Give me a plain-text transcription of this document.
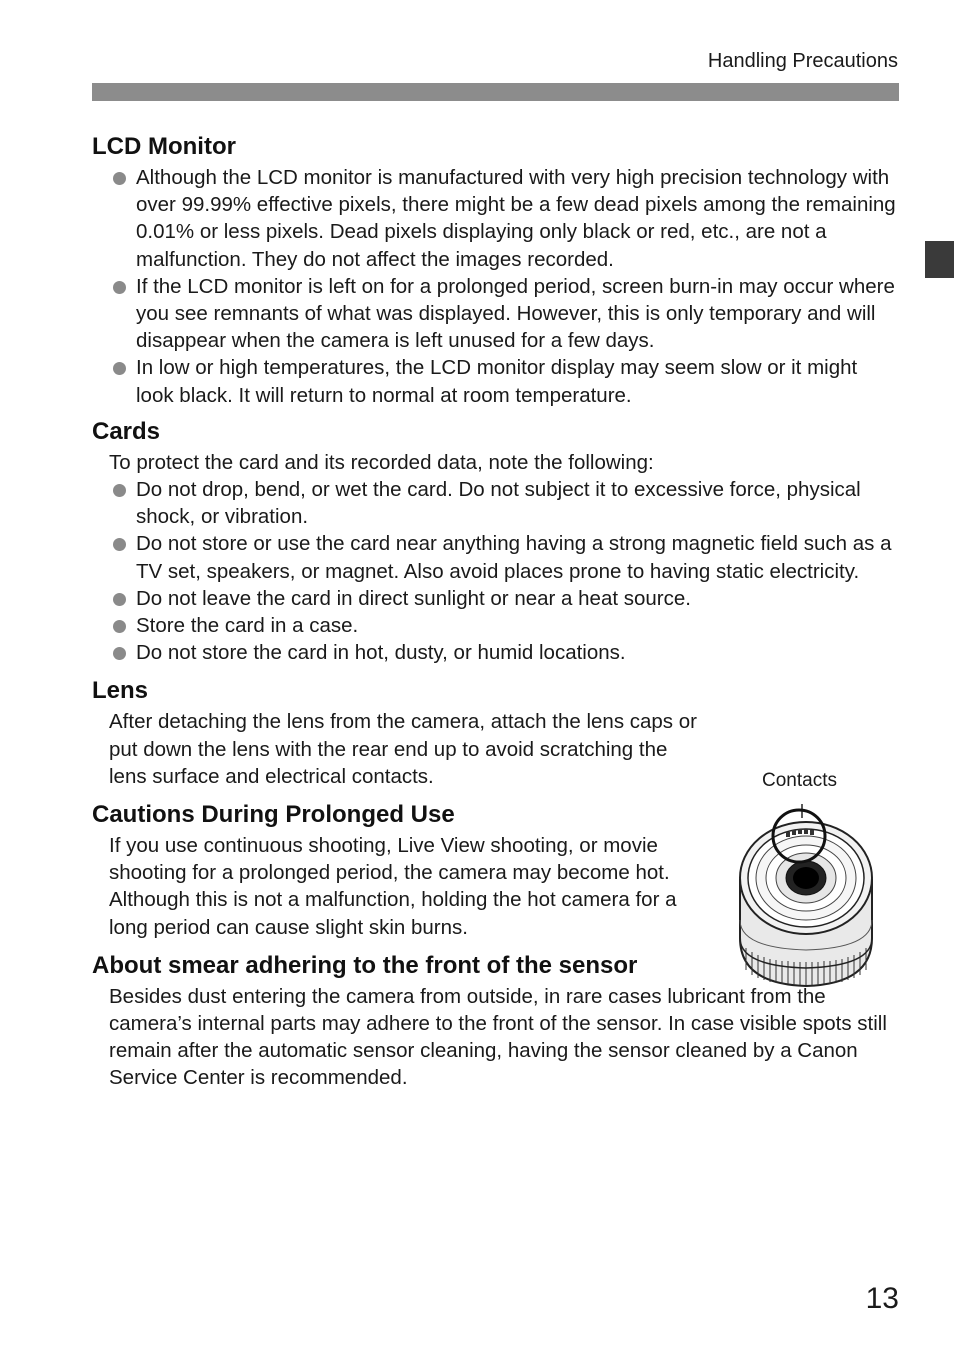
Handling Precautions
LCD Monitor
Although the LCD monitor is manufactured with very high precision technology with over 99.99% effective pixels, there might be a few dead pixels among the remaining 0.01% or less pixels. Dead pixels displaying only black or red, etc., are not a malfunction. They do not affect the images recorded.
If the LCD monitor is left on for a prolonged period, screen burn-in may occur where you see remnants of what was displayed. However, this is only temporary and will disappear when the camera is left unused for a few days.
In low or high temperatures, the LCD monitor display may seem slow or it might look black. It will return to normal at room temperature.
Cards

To protect the card and its recorded data, note the following:

Do not drop, bend, or wet the card. Do not subject it to excessive force, physical shock, or vibration.
Do not store or use the card near anything having a strong magnetic field such as a TV set, speakers, or magnet. Also avoid places prone to having static electricity.
Do not leave the card in direct sunlight or near a heat source.
Store the card in a case.
Do not store the card in hot, dusty, or humid locations.
Lens

After detaching the lens from the camera, attach the lens caps or put down the lens with the rear end up to avoid scratching the lens surface and electrical contacts.

Cautions During Prolonged Use

If you use continuous shooting, Live View shooting, or movie shooting for a prolonged period, the camera may become hot. Although this is not a malfunction, holding the hot camera for a long period can cause slight skin burns.

About smear adhering to the front of the sensor

Besides dust entering the camera from outside, in rare cases lubricant from the camera’s internal parts may adhere to the front of the sensor. In case visible spots still remain after the automatic sensor cleaning, having the sensor cleaned by a Canon Service Center is recommended.

Contacts
13
